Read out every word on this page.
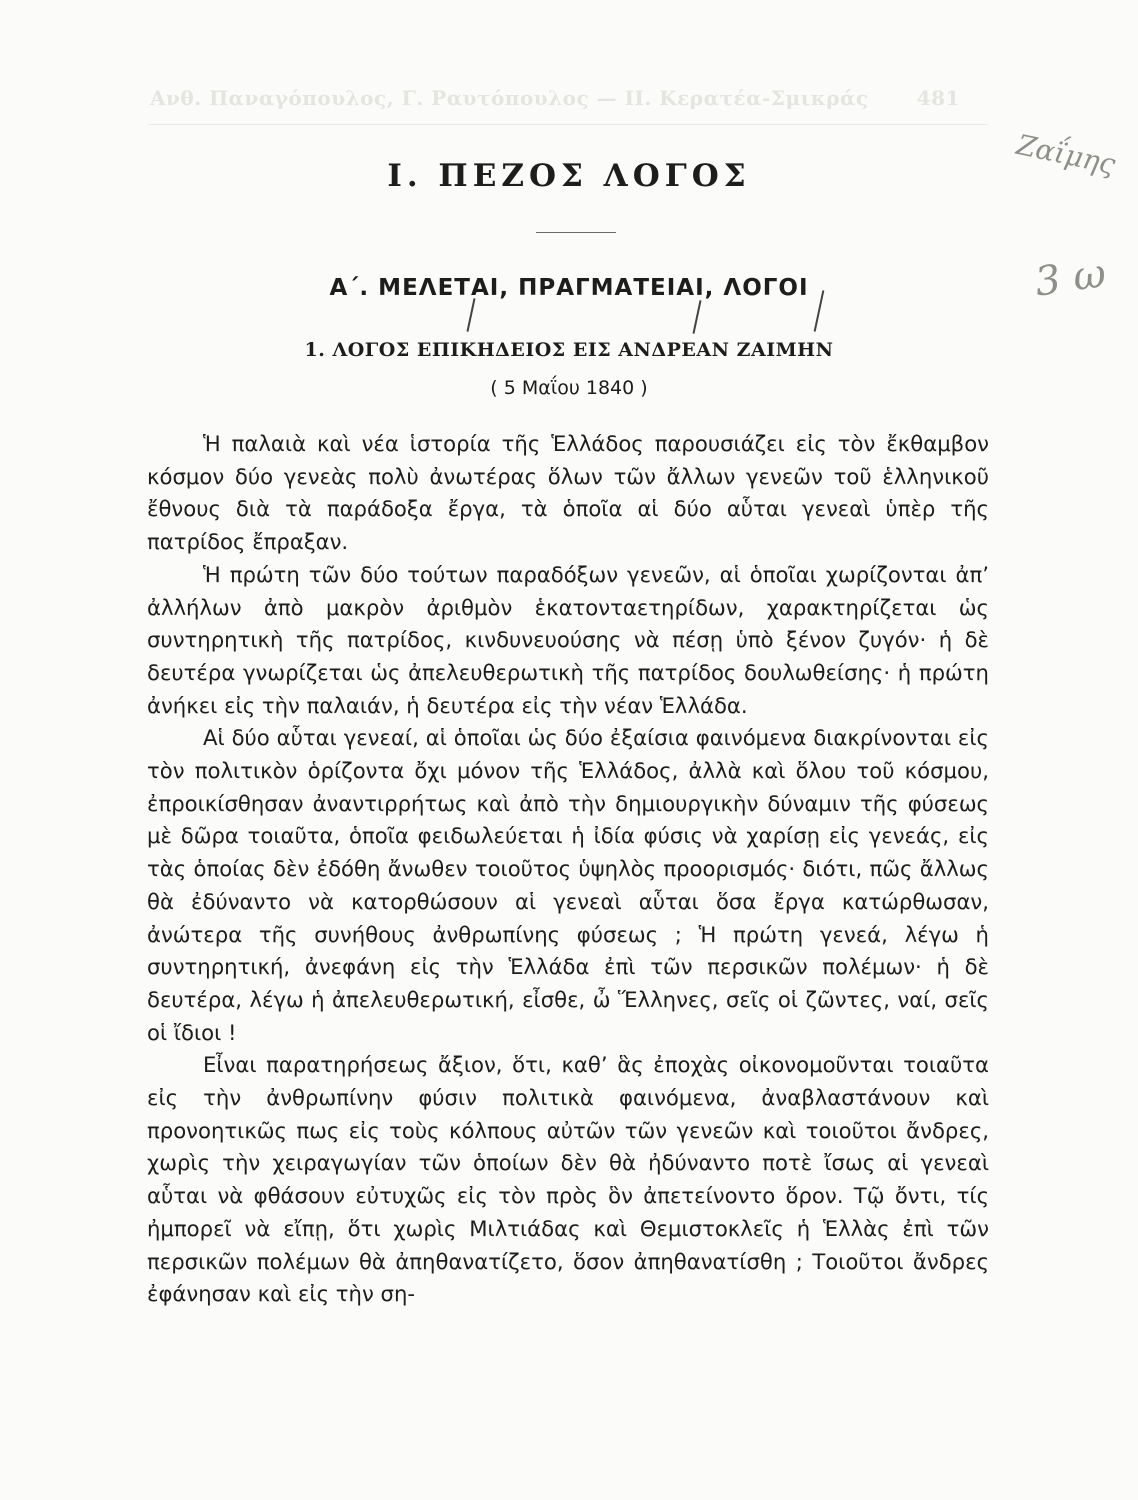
Ανθ. Παναγόπουλος, Γ. Ραυτόπουλος — ΙΙ. Κερατέα-Σμικράς 481
Ι. ΠΕΖΟΣ ΛΟΓΟΣ
Α΄. ΜΕΛΕΤΑΙ, ΠΡΑΓΜΑΤΕΙΑΙ, ΛΟΓΟΙ
1. ΛΟΓΟΣ ΕΠΙΚΗΔΕΙΟΣ ΕΙΣ ΑΝΔΡΕΑΝ ΖΑΙΜΗΝ
( 5 Μαΐου 1840 )

Ἡ παλαιὰ καὶ νέα ἱστορία τῆς Ἑλλάδος παρουσιάζει εἰς τὸν ἔκθαμβον κόσμον δύο γενεὰς πολὺ ἀνωτέρας ὅλων τῶν ἄλλων γενεῶν τοῦ ἑλληνικοῦ ἔθνους διὰ τὰ παράδοξα ἔργα, τὰ ὁποῖα αἱ δύο αὗται γενεαὶ ὑπὲρ τῆς πατρίδος ἔπραξαν.

Ἡ πρώτη τῶν δύο τούτων παραδόξων γενεῶν, αἱ ὁποῖαι χωρίζονται ἀπ’ ἀλλήλων ἀπὸ μακρὸν ἀριθμὸν ἑκατονταετηρίδων, χαρακτηρίζεται ὡς συντηρητικὴ τῆς πατρίδος, κινδυνευούσης νὰ πέσῃ ὑπὸ ξένον ζυγόν· ἡ δὲ δευτέρα γνωρίζεται ὡς ἀπελευθερωτικὴ τῆς πατρίδος δουλωθείσης· ἡ πρώτη ἀνήκει εἰς τὴν παλαιάν, ἡ δευτέρα εἰς τὴν νέαν Ἑλλάδα.

Αἱ δύο αὗται γενεαί, αἱ ὁποῖαι ὡς δύο ἐξαίσια φαινόμενα διακρίνονται εἰς τὸν πολιτικὸν ὁρίζοντα ὄχι μόνον τῆς Ἑλλάδος, ἀλλὰ καὶ ὅλου τοῦ κόσμου, ἐπροικίσθησαν ἀναντιρρήτως καὶ ἀπὸ τὴν δημιουργικὴν δύναμιν τῆς φύσεως μὲ δῶρα τοιαῦτα, ὁποῖα φειδωλεύεται ἡ ἰδία φύσις νὰ χαρίσῃ εἰς γενεάς, εἰς τὰς ὁποίας δὲν ἐδόθη ἄνωθεν τοιοῦτος ὑψηλὸς προορισμός· διότι, πῶς ἄλλως θὰ ἐδύναντο νὰ κατορθώσουν αἱ γενεαὶ αὗται ὅσα ἔργα κατώρθωσαν, ἀνώτερα τῆς συνήθους ἀνθρωπίνης φύσεως ; Ἡ πρώτη γενεά, λέγω ἡ συντηρητική, ἀνεφάνη εἰς τὴν Ἑλλάδα ἐπὶ τῶν περσικῶν πολέμων· ἡ δὲ δευτέρα, λέγω ἡ ἀπελευθερωτική, εἶσθε, ὦ Ἕλληνες, σεῖς οἱ ζῶντες, ναί, σεῖς οἱ ἴδιοι !

Εἶναι παρατηρήσεως ἄξιον, ὅτι, καθ’ ἃς ἐποχὰς οἰκονομοῦνται τοιαῦτα εἰς τὴν ἀνθρωπίνην φύσιν πολιτικὰ φαινόμενα, ἀναβλαστάνουν καὶ προνοητικῶς πως εἰς τοὺς κόλπους αὐτῶν τῶν γενεῶν καὶ τοιοῦτοι ἄνδρες, χωρὶς τὴν χειραγωγίαν τῶν ὁποίων δὲν θὰ ἠδύναντο ποτὲ ἴσως αἱ γενεαὶ αὗται νὰ φθάσουν εὐτυχῶς εἰς τὸν πρὸς ὃν ἀπετείνοντο ὅρον. Τῷ ὄντι, τίς ἠμπορεῖ νὰ εἴπῃ, ὅτι χωρὶς Μιλτιάδας καὶ Θεμιστοκλεῖς ἡ Ἑλλὰς ἐπὶ τῶν περσικῶν πολέμων θὰ ἀπηθανατίζετο, ὅσον ἀπηθανατίσθη ; Τοιοῦτοι ἄνδρες ἐφάνησαν καὶ εἰς τὴν ση-

Ζαΐμης
3 ω
